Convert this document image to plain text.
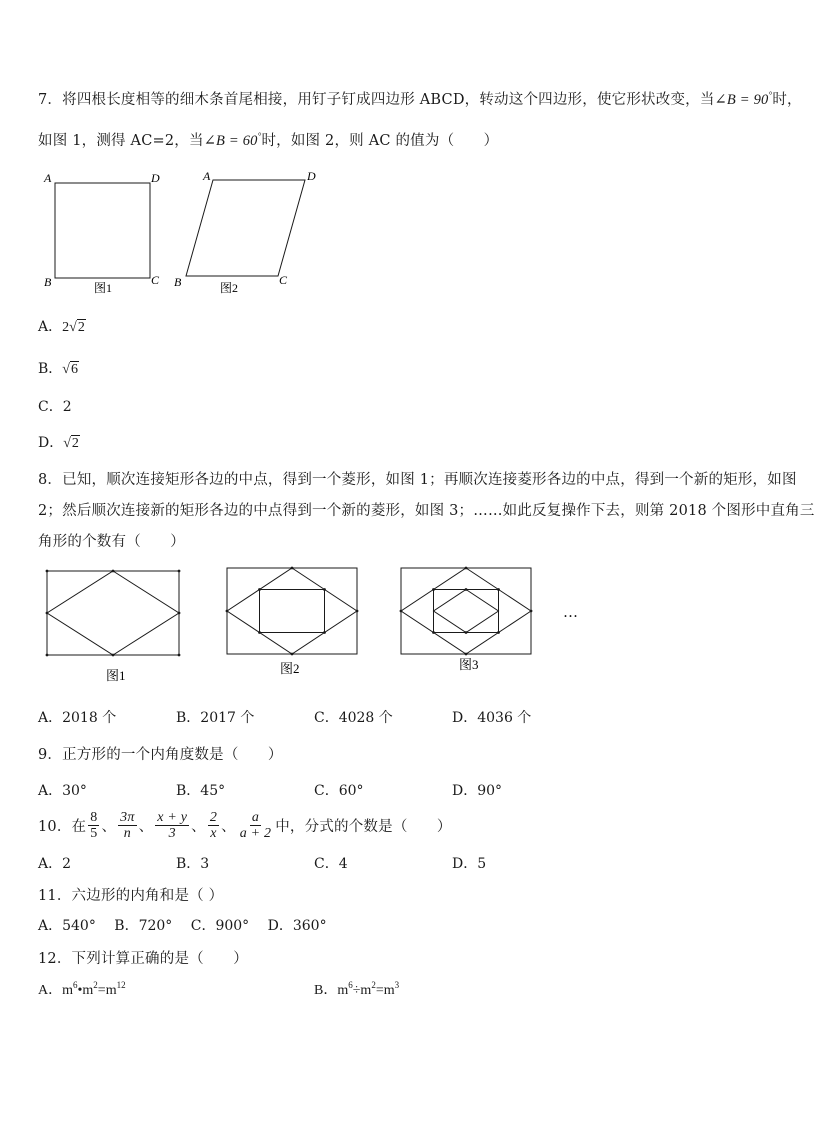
7．将四根长度相等的细木条首尾相接，用钉子钉成四边形 ABCD，转动这个四边形，使它形状改变，当∠B = 90°时，
如图 1，测得 AC=2，当∠B = 60°时，如图 2，则 AC 的值为（　　）
A	D
B	C
图1
A	D
B	C
图2
A．2√2
B．√6
C．2
D．√2
8．已知，顺次连接矩形各边的中点，得到一个菱形，如图 1；再顺次连接菱形各边的中点，得到一个新的矩形，如图
2；然后顺次连接新的矩形各边的中点得到一个新的菱形，如图 3；……如此反复操作下去，则第 2018 个图形中直角三
角形的个数有（　　）
图1	图2	图3
…
A．2018 个	B．2017 个	C．4028 个	D．4036 个
9．正方形的一个内角度数是（　　）
A．30°	B．45°	C．60°	D．90°
10．在 $\frac{8}{5}$ 、 $\frac{3\pi}{n}$ 、 $\frac{x + y}{3}$ 、 $\frac{2}{x}$ 、 $\frac{a}{a + 2}$ 中，分式的个数是（　　）
A．2	B．3	C．4	D．5
11．六边形的内角和是（ ）
A．540°　 B．720°　 C．900°　 D．360°
12．下列计算正确的是（　　）
A．$m^6•m^2=m^{12}$	B．$m^6\div m^2=m^3$
